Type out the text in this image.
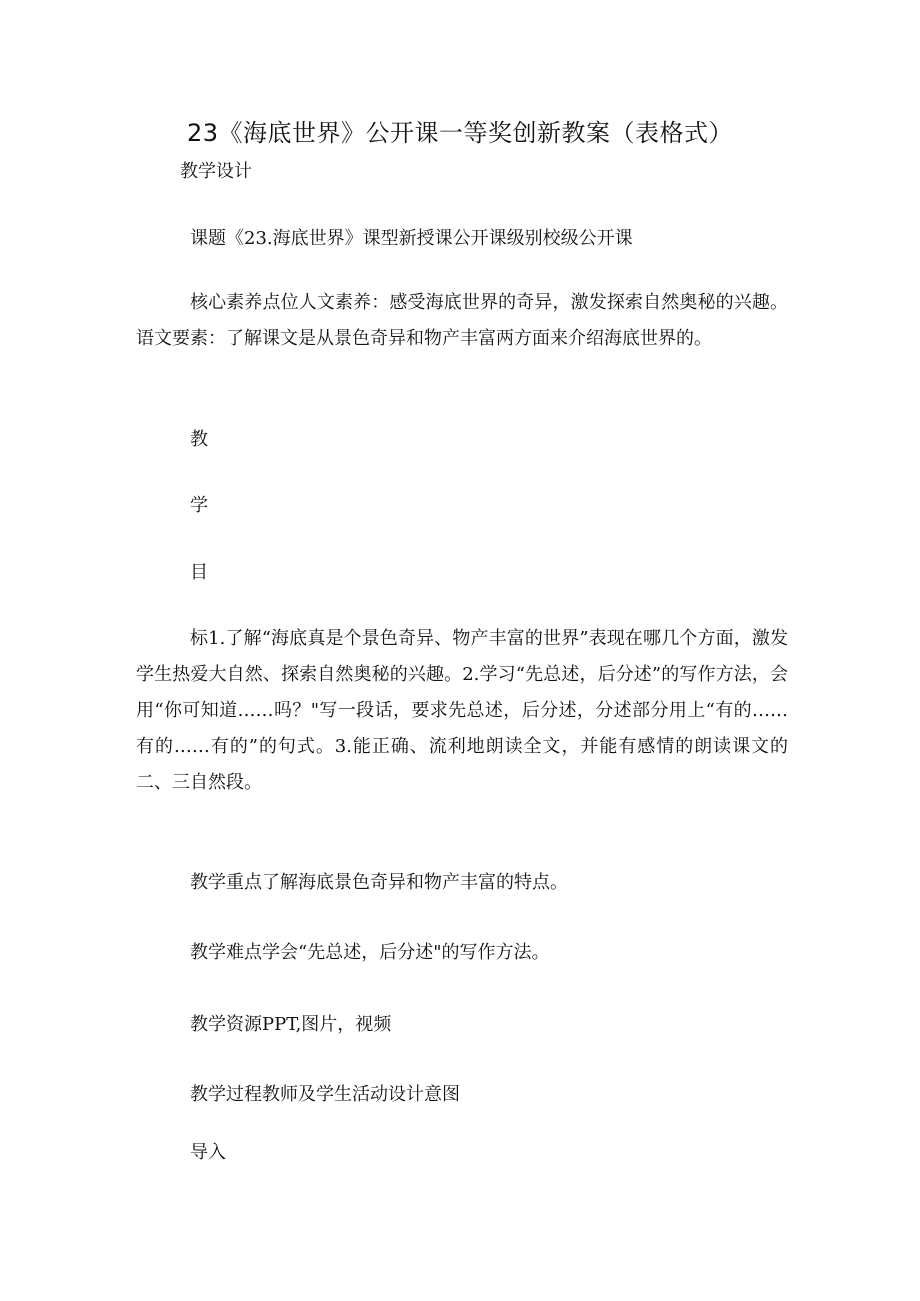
23《海底世界》公开课一等奖创新教案（表格式）

教学设计

课题《23.海底世界》课型新授课公开课级别校级公开课

核心素养点位人文素养：感受海底世界的奇异，激发探索自然奥秘的兴趣。语文要素：了解课文是从景色奇异和物产丰富两方面来介绍海底世界的。

教

学

目

标1.了解“海底真是个景色奇异、物产丰富的世界”表现在哪几个方面，激发学生热爱大自然、探索自然奥秘的兴趣。2.学习“先总述，后分述”的写作方法，会用“你可知道……吗？"写一段话，要求先总述，后分述，分述部分用上“有的……有的……有的”的句式。3.能正确、流利地朗读全文，并能有感情的朗读课文的二、三自然段。

教学重点了解海底景色奇异和物产丰富的特点。

教学难点学会“先总述，后分述"的写作方法。

教学资源PPT,图片，视频

教学过程教师及学生活动设计意图

导入
